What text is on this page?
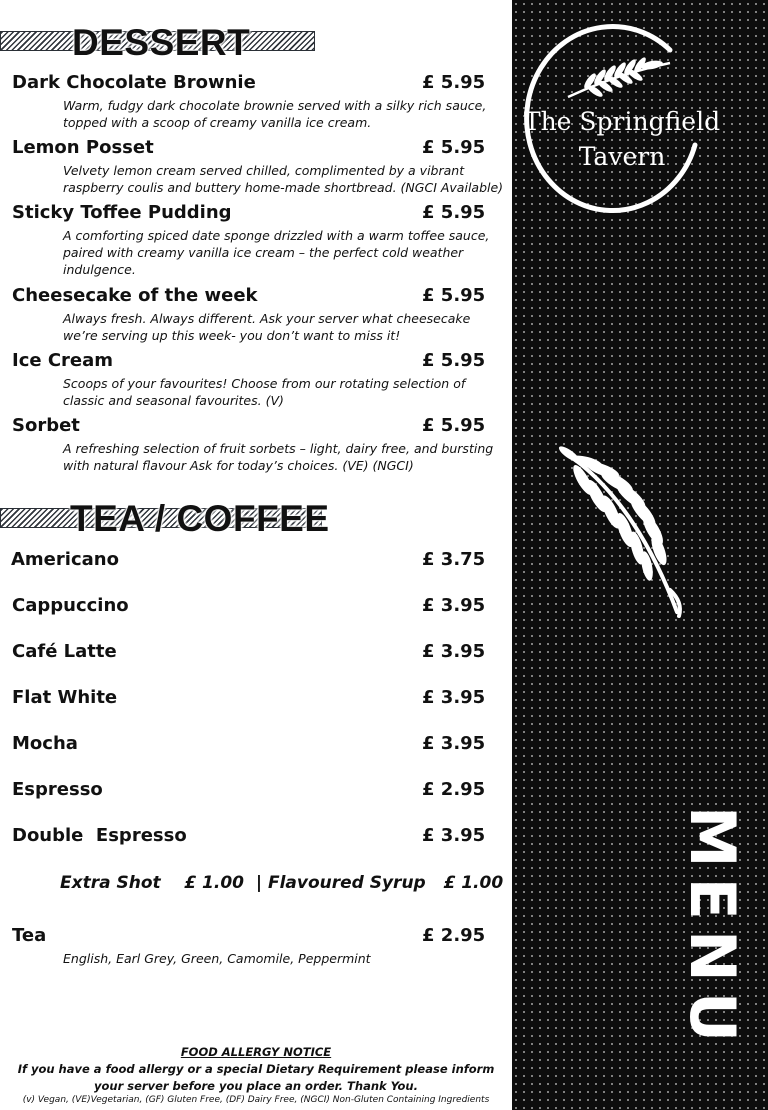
DESSERT
Dark Chocolate Brownie	£ 5.95
Warm, fudgy dark chocolate brownie served with a silky rich sauce, topped with a scoop of creamy vanilla ice cream.
Lemon Posset	£ 5.95
Velvety lemon cream served chilled, complimented by a vibrant raspberry coulis and buttery home-made shortbread. (NGCI Available)
Sticky Toffee Pudding	£ 5.95
A comforting spiced date sponge drizzled with a warm toffee sauce, paired with creamy vanilla ice cream – the perfect cold weather indulgence.
Cheesecake of the week	£ 5.95
Always fresh. Always different. Ask your server what cheesecake we’re serving up this week- you don’t want to miss it!
Ice Cream	£ 5.95
Scoops of your favourites! Choose from our rotating selection of classic and seasonal favourites. (V)
Sorbet	£ 5.95
A refreshing selection of fruit sorbets – light, dairy free, and bursting with natural flavour Ask for today’s choices. (VE) (NGCI)
TEA / COFFEE
Americano	£ 3.75
Cappuccino	£ 3.95
Café Latte	£ 3.95
Flat White	£ 3.95
Mocha	£ 3.95
Espresso	£ 2.95
Double  Espresso	£ 3.95
Extra Shot    £ 1.00  | Flavoured Syrup   £ 1.00
Tea	£ 2.95
English, Earl Grey, Green, Camomile, Peppermint
FOOD ALLERGY NOTICE
If you have a food allergy or a special Dietary Requirement please inform your server before you place an order. Thank You.
(v) Vegan, (VE)Vegetarian, (GF) Gluten Free, (DF) Dairy Free, (NGCI) Non-Gluten Containing Ingredients
The Springfield
Tavern
MENU
